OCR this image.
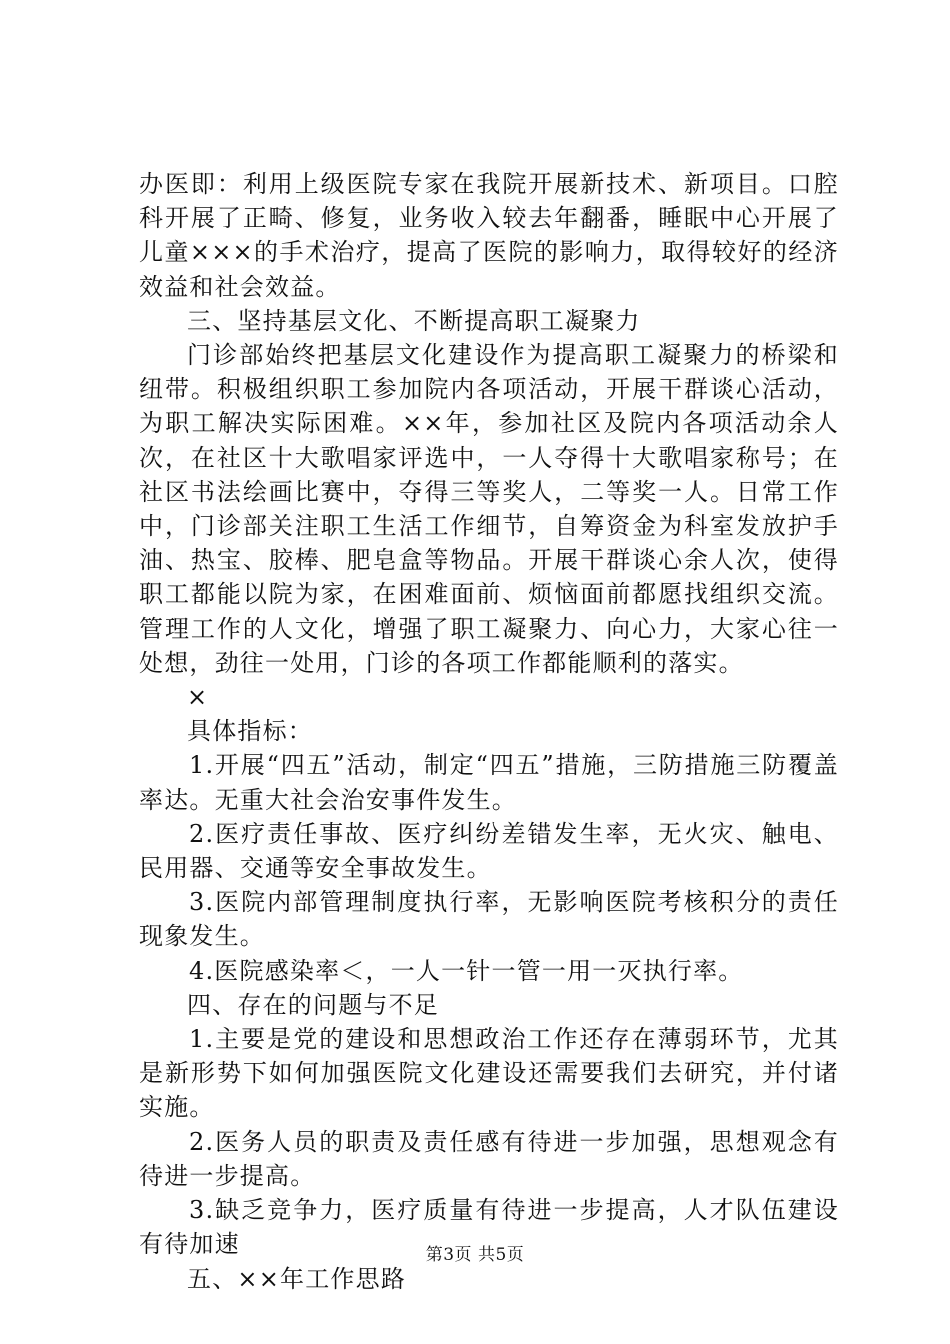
办医即：利用上级医院专家在我院开展新技术、新项目。口腔科开展了正畸、修复，业务收入较去年翻番，睡眠中心开展了儿童×××的手术治疗，提高了医院的影响力，取得较好的经济效益和社会效益。

三、坚持基层文化、不断提高职工凝聚力

门诊部始终把基层文化建设作为提高职工凝聚力的桥梁和纽带。积极组织职工参加院内各项活动，开展干群谈心活动，为职工解决实际困难。××年，参加社区及院内各项活动余人次，在社区十大歌唱家评选中，一人夺得十大歌唱家称号；在社区书法绘画比赛中，夺得三等奖人，二等奖一人。日常工作中，门诊部关注职工生活工作细节，自筹资金为科室发放护手油、热宝、胶棒、肥皂盒等物品。开展干群谈心余人次，使得职工都能以院为家，在困难面前、烦恼面前都愿找组织交流。管理工作的人文化，增强了职工凝聚力、向心力，大家心往一处想，劲往一处用，门诊的各项工作都能顺利的落实。

×

具体指标：

1.开展“四五”活动，制定“四五”措施，三防措施三防覆盖率达。无重大社会治安事件发生。

2.医疗责任事故、医疗纠纷差错发生率，无火灾、触电、民用器、交通等安全事故发生。

3.医院内部管理制度执行率，无影响医院考核积分的责任现象发生。

4.医院感染率＜，一人一针一管一用一灭执行率。

四、存在的问题与不足

1.主要是党的建设和思想政治工作还存在薄弱环节，尤其是新形势下如何加强医院文化建设还需要我们去研究，并付诸实施。

2.医务人员的职责及责任感有待进一步加强，思想观念有待进一步提高。

3.缺乏竞争力，医疗质量有待进一步提高，人才队伍建设有待加速

五、××年工作思路

第3页 共5页
